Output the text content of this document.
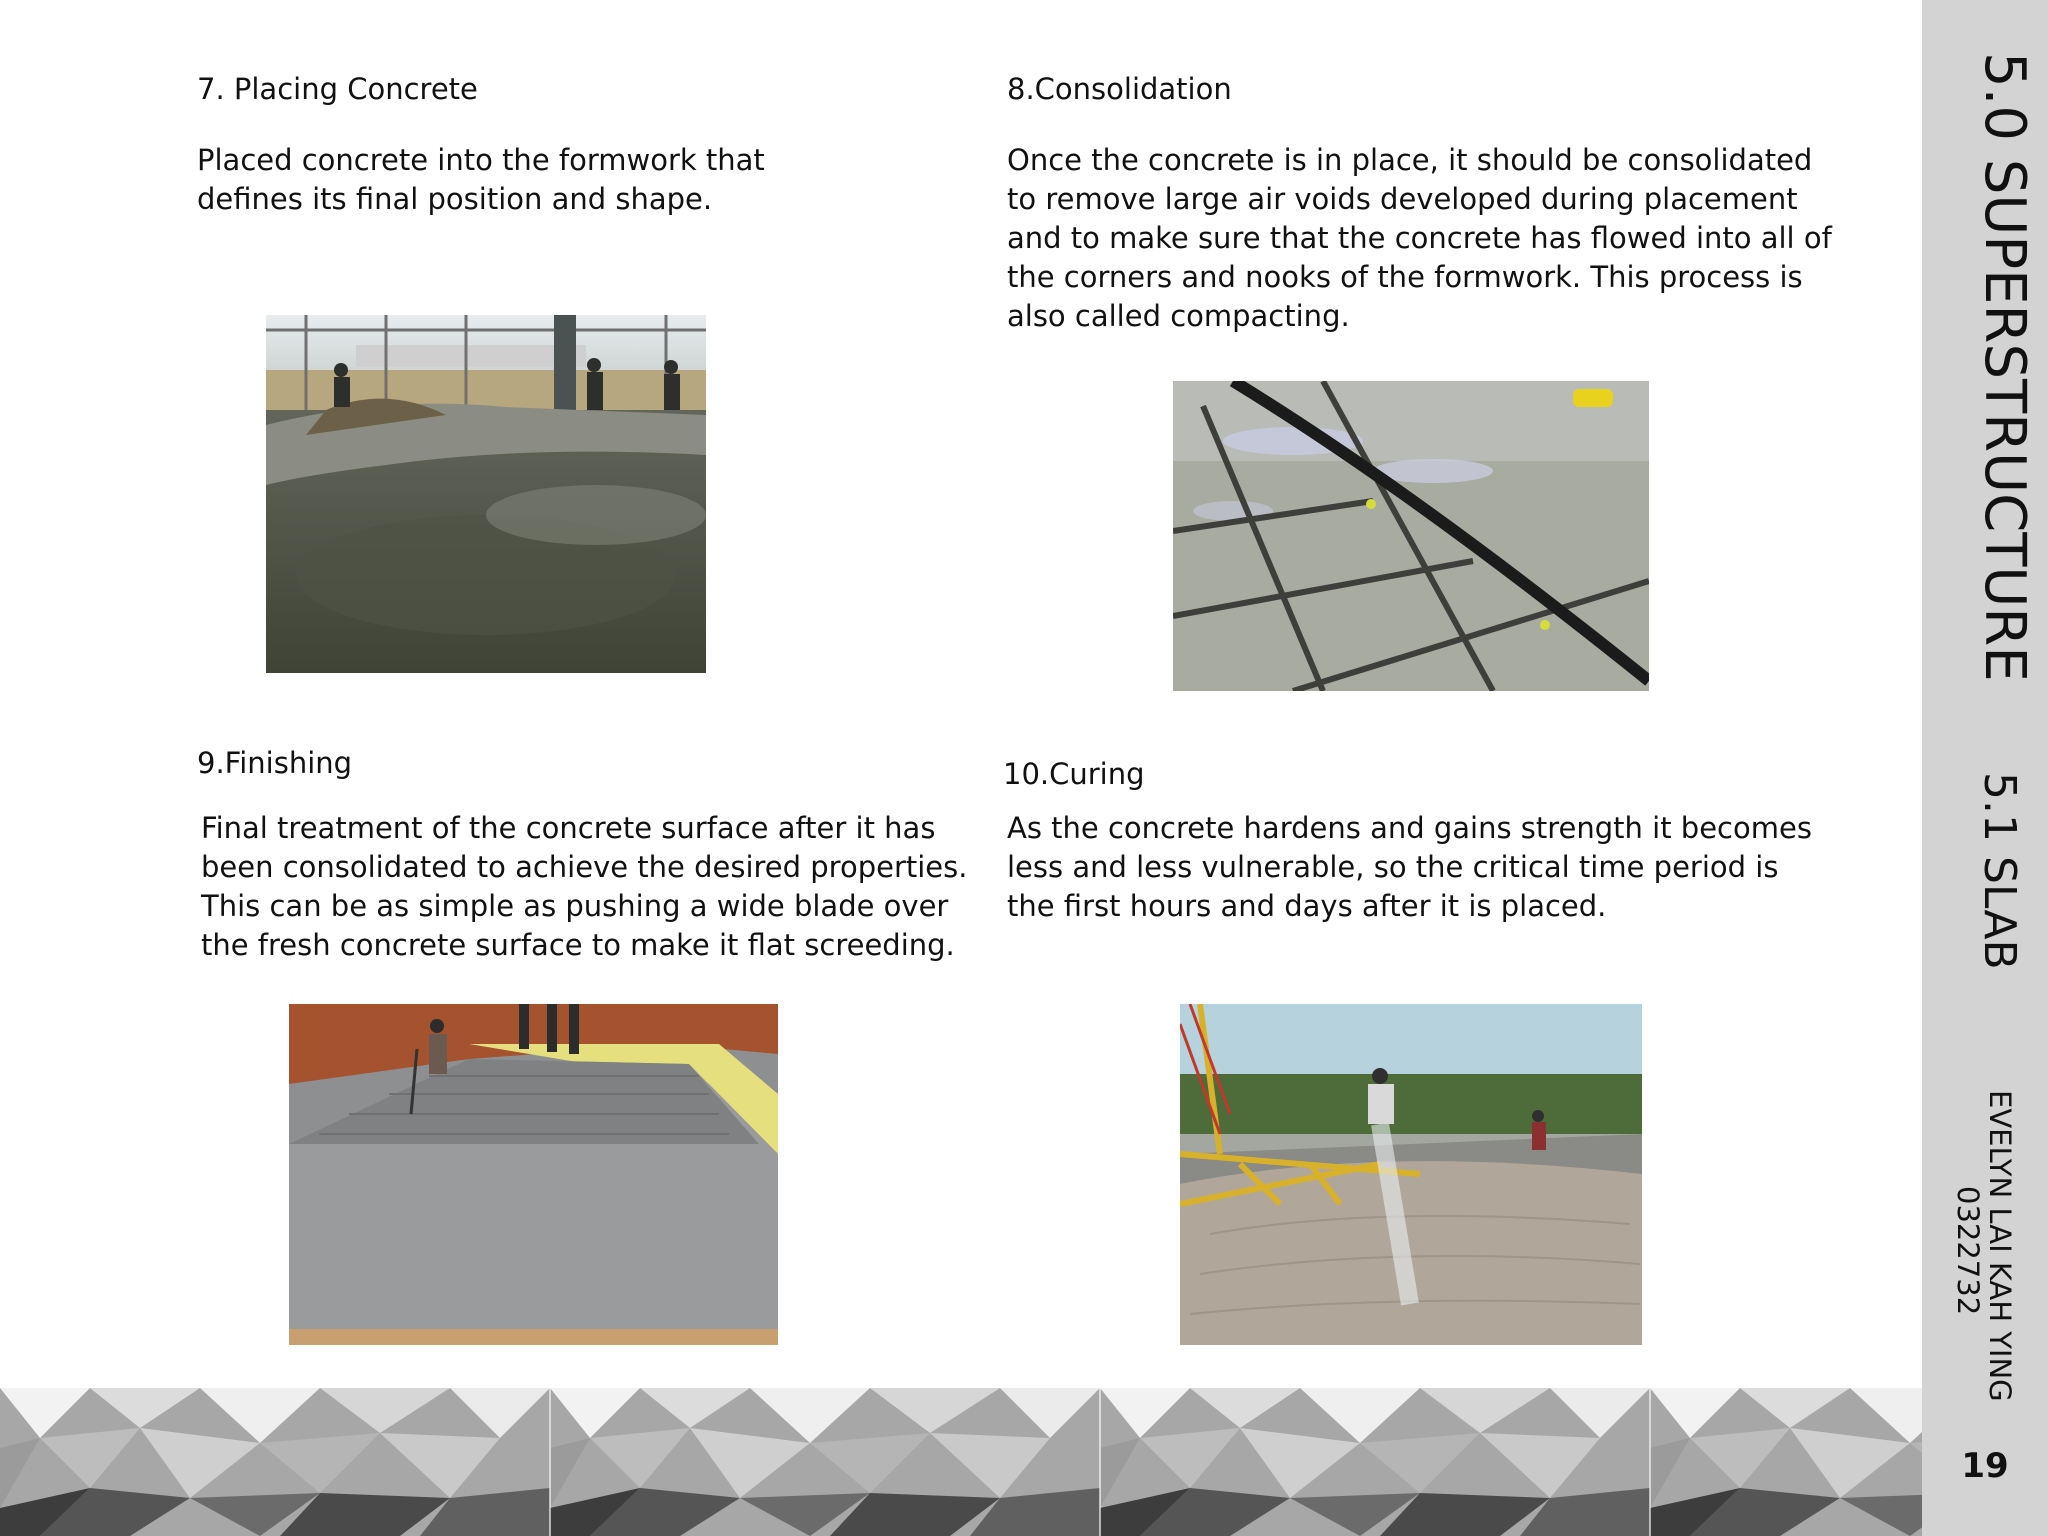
7. Placing Concrete
Placed concrete into the formwork that
defines its final position and shape.
8.Consolidation
Once the concrete is in place, it should be consolidated
to remove large air voids developed during placement
and to make sure that the concrete has flowed into all of
the corners and nooks of the formwork. This process is
also called compacting.
9.Finishing
Final treatment of the concrete surface after it has
been consolidated to achieve the desired properties.
This can be as simple as pushing a wide blade over
the fresh concrete surface to make it flat screeding.
10.Curing
As the concrete hardens and gains strength it becomes
less and less vulnerable, so the critical time period is
the first hours and days after it is placed.
5.0 SUPERSTRUCTURE
5.1 SLAB
EVELYN LAI KAH YING
0322732
19
